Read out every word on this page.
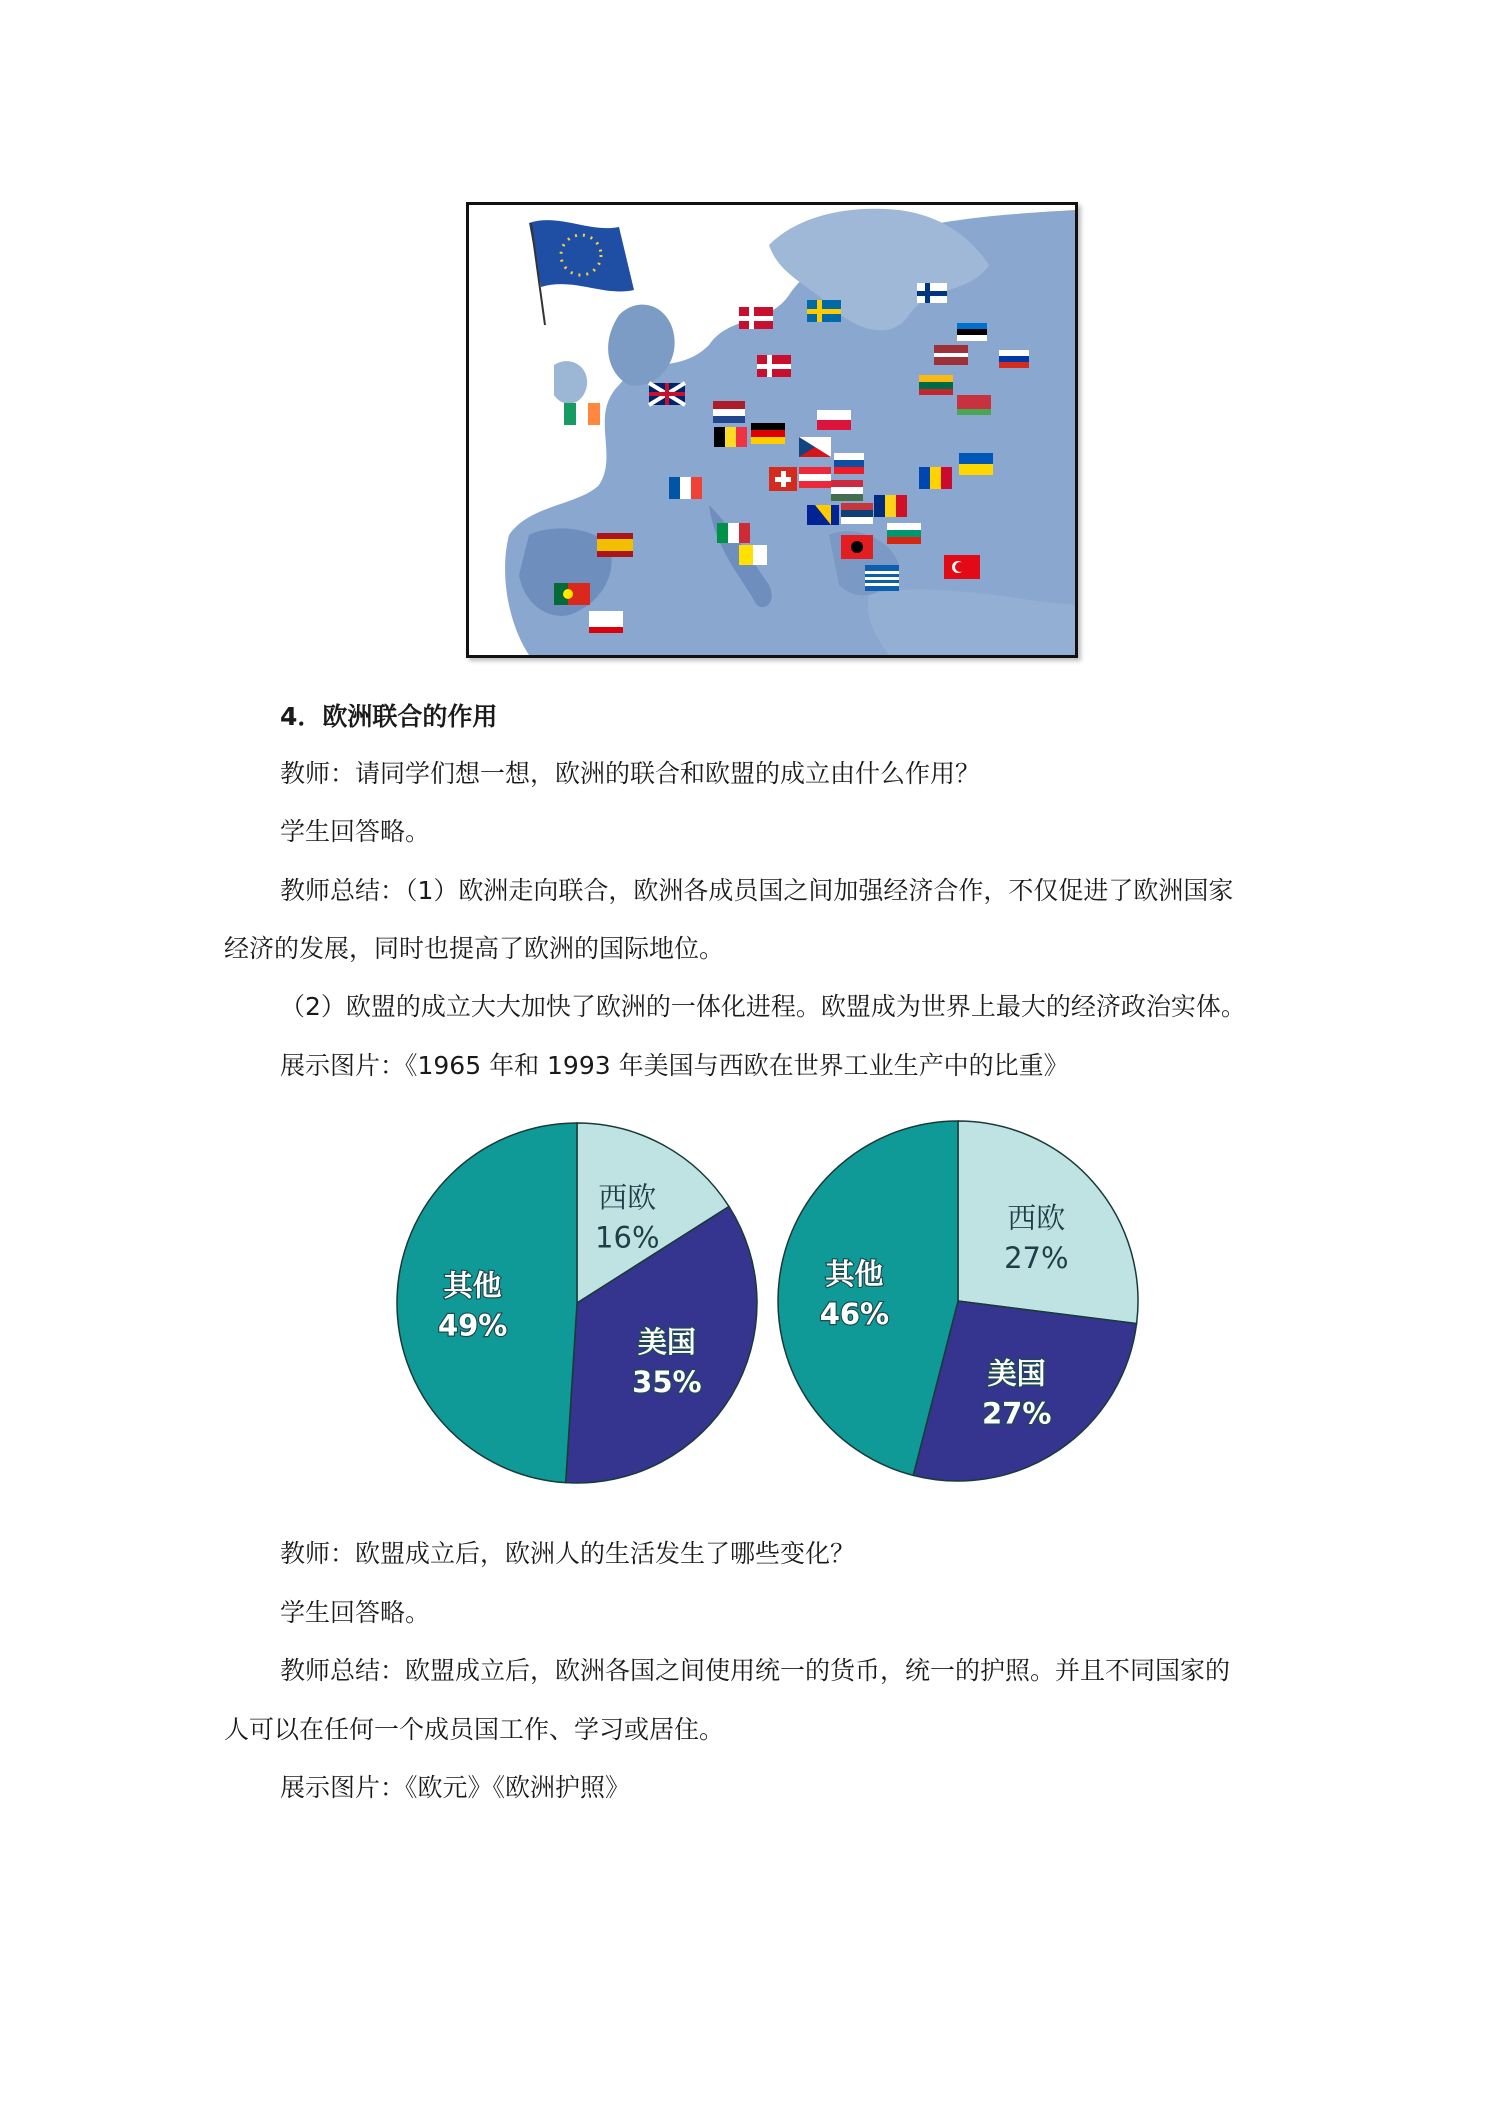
4．欧洲联合的作用
教师：请同学们想一想，欧洲的联合和欧盟的成立由什么作用？
学生回答略。
教师总结：（1）欧洲走向联合，欧洲各成员国之间加强经济合作，不仅促进了欧洲国家
经济的发展，同时也提高了欧洲的国际地位。
（2）欧盟的成立大大加快了欧洲的一体化进程。欧盟成为世界上最大的经济政治实体。
展示图片：《1965 年和 1993 年美国与西欧在世界工业生产中的比重》
西欧
16%
美国
35%
其他
49%
西欧
27%
美国
27%
其他
46%
教师：欧盟成立后，欧洲人的生活发生了哪些变化？
学生回答略。
教师总结：欧盟成立后，欧洲各国之间使用统一的货币，统一的护照。并且不同国家的
人可以在任何一个成员国工作、学习或居住。
展示图片：《欧元》《欧洲护照》
